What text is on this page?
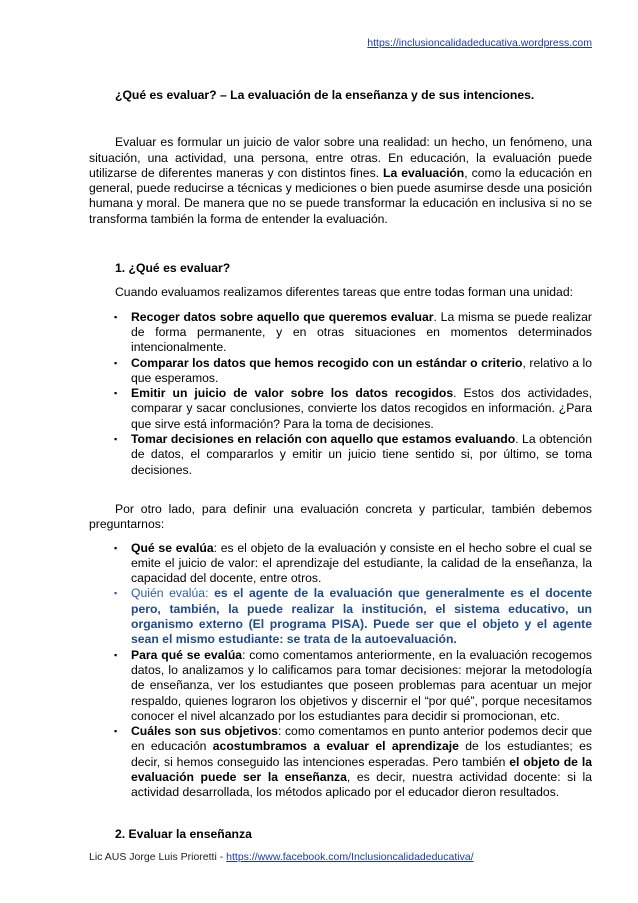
https://inclusioncalidadeducativa.wordpress.com
¿Qué es evaluar? – La evaluación de la enseñanza y de sus intenciones.

Evaluar es formular un juicio de valor sobre una realidad: un hecho, un fenómeno, una situación, una actividad, una persona, entre otras. En educación, la evaluación puede utilizarse de diferentes maneras y con distintos fines. La evaluación, como la educación en general, puede reducirse a técnicas y mediciones o bien puede asumirse desde una posición humana y moral. De manera que no se puede transformar la educación en inclusiva si no se transforma también la forma de entender la evaluación.

1. ¿Qué es evaluar?
Cuando evaluamos realizamos diferentes tareas que entre todas forman una unidad:
▪ Recoger datos sobre aquello que queremos evaluar. La misma se puede realizar de forma permanente, y en otras situaciones en momentos determinados intencionalmente.
▪ Comparar los datos que hemos recogido con un estándar o criterio, relativo a lo que esperamos.
▪ Emitir un juicio de valor sobre los datos recogidos. Estos dos actividades, comparar y sacar conclusiones, convierte los datos recogidos en información. ¿Para que sirve está información? Para la toma de decisiones.
▪ Tomar decisiones en relación con aquello que estamos evaluando. La obtención de datos, el compararlos y emitir un juicio tiene sentido si, por último, se toma decisiones.

Por otro lado, para definir una evaluación concreta y particular, también debemos preguntarnos:

▪ Qué se evalúa: es el objeto de la evaluación y consiste en el hecho sobre el cual se emite el juicio de valor: el aprendizaje del estudiante, la calidad de la enseñanza, la capacidad del docente, entre otros.
▪ Quién evalúa: es el agente de la evaluación que generalmente es el docente pero, también, la puede realizar la institución, el sistema educativo, un organismo externo (El programa PISA). Puede ser que el objeto y el agente sean el mismo estudiante: se trata de la autoevaluación.
▪ Para qué se evalúa: como comentamos anteriormente, en la evaluación recogemos datos, lo analizamos y lo calificamos para tomar decisiones: mejorar la metodología de enseñanza, ver los estudiantes que poseen problemas para acentuar un mejor respaldo, quienes lograron los objetivos y discernir el “por qué”, porque necesitamos conocer el nivel alcanzado por los estudiantes para decidir si promocionan, etc.
▪ Cuáles son sus objetivos: como comentamos en punto anterior podemos decir que en educación acostumbramos a evaluar el aprendizaje de los estudiantes; es decir, si hemos conseguido las intenciones esperadas. Pero también el objeto de la evaluación puede ser la enseñanza, es decir, nuestra actividad docente: si la actividad desarrollada, los métodos aplicado por el educador dieron resultados.
2. Evaluar la enseñanza
Lic AUS Jorge Luis Prioretti - https://www.facebook.com/Inclusioncalidadeducativa/
